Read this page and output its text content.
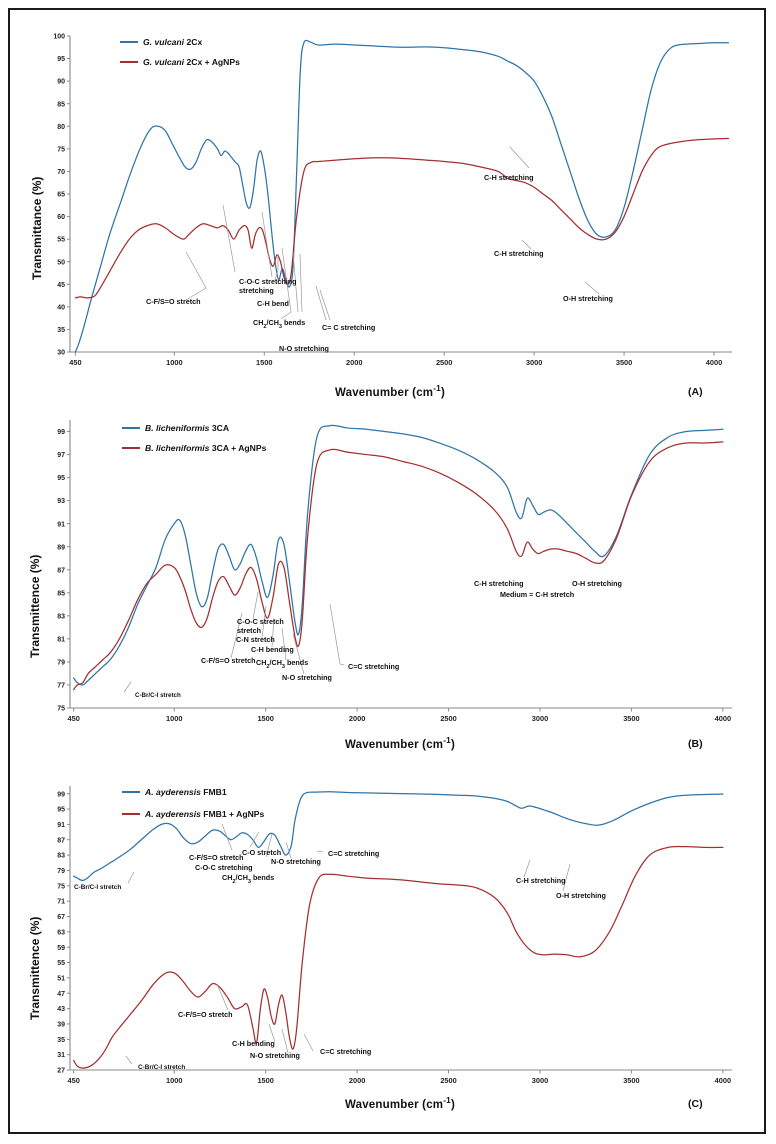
30
35
40
45
50
55
60
65
70
75
80
85
90
95
100
450	1000	1500	2000	2500	3000	3500	4000
G. vulcani 2Cx
G. vulcani 2Cx + AgNPs
C-F/S=O stretch
C-O-C stretching
stretching
C-H bend
$CH_2/CH_3$ bends
N-O stretching
C= C stretching
C-H stretching
C-H stretching
O-H stretching
Transmittance (%)
Wavenumber $(cm^{-1})$	(A)
75
77
79
81
83
85
87
89
91
93
95
97
99
450	1000	1500	2000	2500	3000	3500	4000
B. licheniformis 3CA
B. licheniformis 3CA + AgNPs
C-Br/C-I stretch
C-F/S=O stretch
C-O-C stretch
stretch
C-N stretch
C-H bending
$CH_2/CH_3$ bends
N-O stretching
C=C stretching
C-H stretching
Medium = C-H stretch
O-H stretching
Transmittence (%)
Wavenumber $(cm^{-1})$	(B)
27
31
35
39
43
47
51
55
59
63
67
71
75
79
83
87
91
95
99
450	1000	1500	2000	2500	3000	3500	4000
A. ayderensis FMB1
A. ayderensis FMB1 + AgNPs
C-Br/C-I stretch
C-F/S=O stretch
C-O-C stretching
C-O stretch
$CH_2/CH_3$ bends
N-O stretching
C=C stretching
C-H stretching
O-H stretching
C-Br/C-I stretch
C-F/S=O stretch
C-H bending
N-O stretching	C=C stretching
Transmittence (%)
Wavenumber $(cm^{-1})$	(C)
